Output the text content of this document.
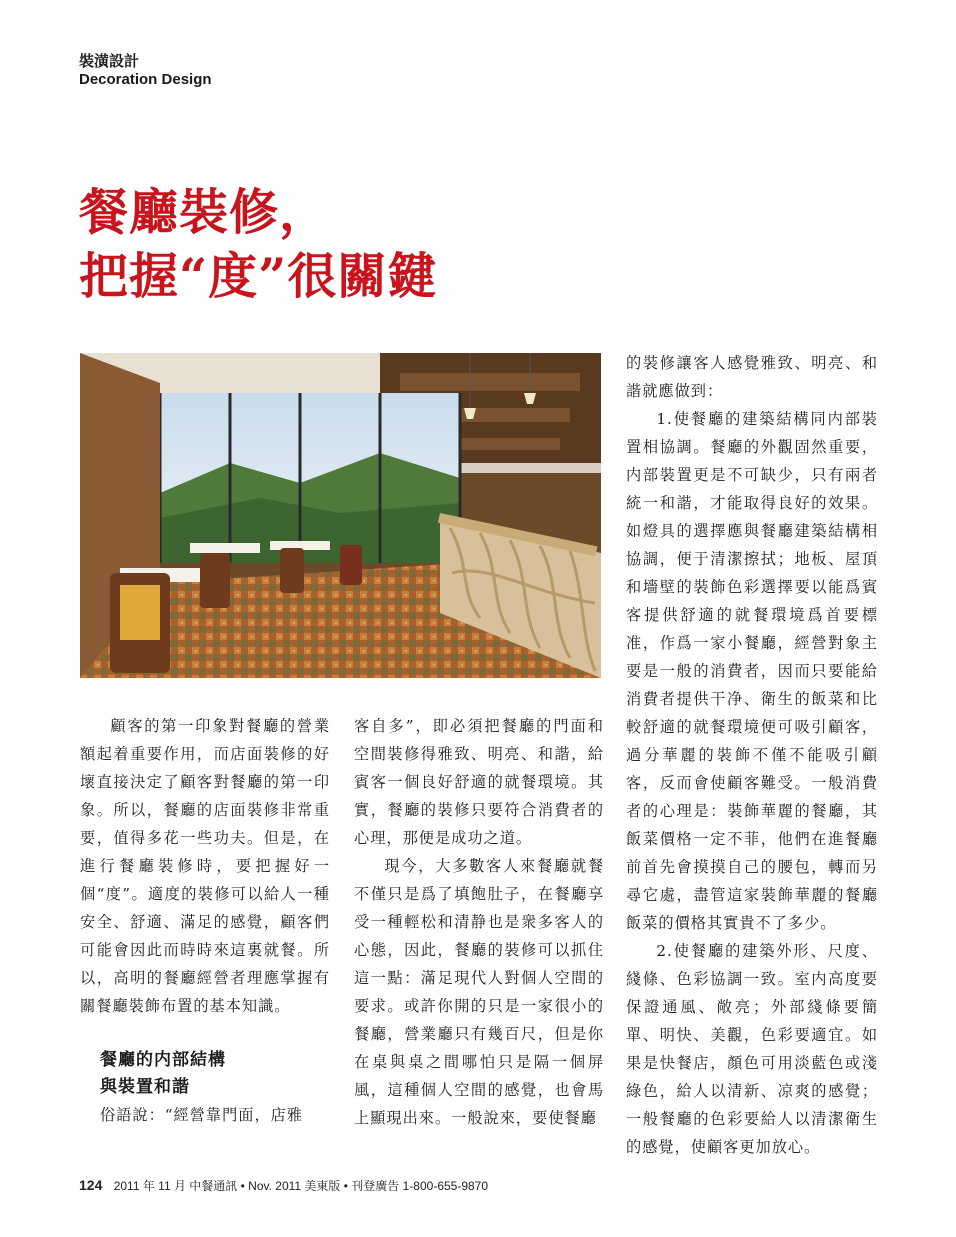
裝潢設計
Decoration Design
餐廳裝修，
把握“度”很關鍵

顧客的第一印象對餐廳的營業額起着重要作用，而店面裝修的好壞直接決定了顧客對餐廳的第一印象。所以，餐廳的店面裝修非常重要，值得多花一些功夫。但是，在進行餐廳裝修時，要把握好一個“度”。適度的裝修可以給人一種安全、舒適、滿足的感覺，顧客們可能會因此而時時來這裏就餐。所以，高明的餐廳經營者理應掌握有關餐廳裝飾布置的基本知識。

餐廳的内部結構
與裝置和諧

俗語說：“經營靠門面，店雅

客自多”，即必須把餐廳的門面和空間裝修得雅致、明亮、和諧，給賓客一個良好舒適的就餐環境。其實，餐廳的裝修只要符合消費者的心理，那便是成功之道。

現今，大多數客人來餐廳就餐不僅只是爲了填飽肚子，在餐廳享受一種輕松和清静也是衆多客人的心態，因此，餐廳的裝修可以抓住這一點：滿足現代人對個人空間的要求。或許你開的只是一家很小的餐廳，營業廳只有幾百尺，但是你在桌與桌之間哪怕只是隔一個屏風，這種個人空間的感覺，也會馬上顯現出來。一般說來，要使餐廳

的裝修讓客人感覺雅致、明亮、和諧就應做到：

1.使餐廳的建築結構同内部裝置相協調。餐廳的外觀固然重要，内部裝置更是不可缺少，只有兩者統一和諧，才能取得良好的效果。如燈具的選擇應與餐廳建築結構相協調，便于清潔擦拭；地板、屋頂和墻壁的裝飾色彩選擇要以能爲賓客提供舒適的就餐環境爲首要標准，作爲一家小餐廳，經營對象主要是一般的消費者，因而只要能給消費者提供干净、衛生的飯菜和比較舒適的就餐環境便可吸引顧客，過分華麗的裝飾不僅不能吸引顧客，反而會使顧客難受。一般消費者的心理是：裝飾華麗的餐廳，其飯菜價格一定不菲，他們在進餐廳前首先會摸摸自己的腰包，轉而另尋它處，盡管這家裝飾華麗的餐廳飯菜的價格其實貴不了多少。

2.使餐廳的建築外形、尺度、綫條、色彩協調一致。室内高度要保證通風、敞亮；外部綫條要簡單、明快、美觀，色彩要適宜。如果是快餐店，顏色可用淡藍色或淺綠色，給人以清新、凉爽的感覺；一般餐廳的色彩要給人以清潔衛生的感覺，使顧客更加放心。

124 2011 年 11 月 中餐通訊 • Nov. 2011 美東版 • 刊登廣告 1-800-655-9870
